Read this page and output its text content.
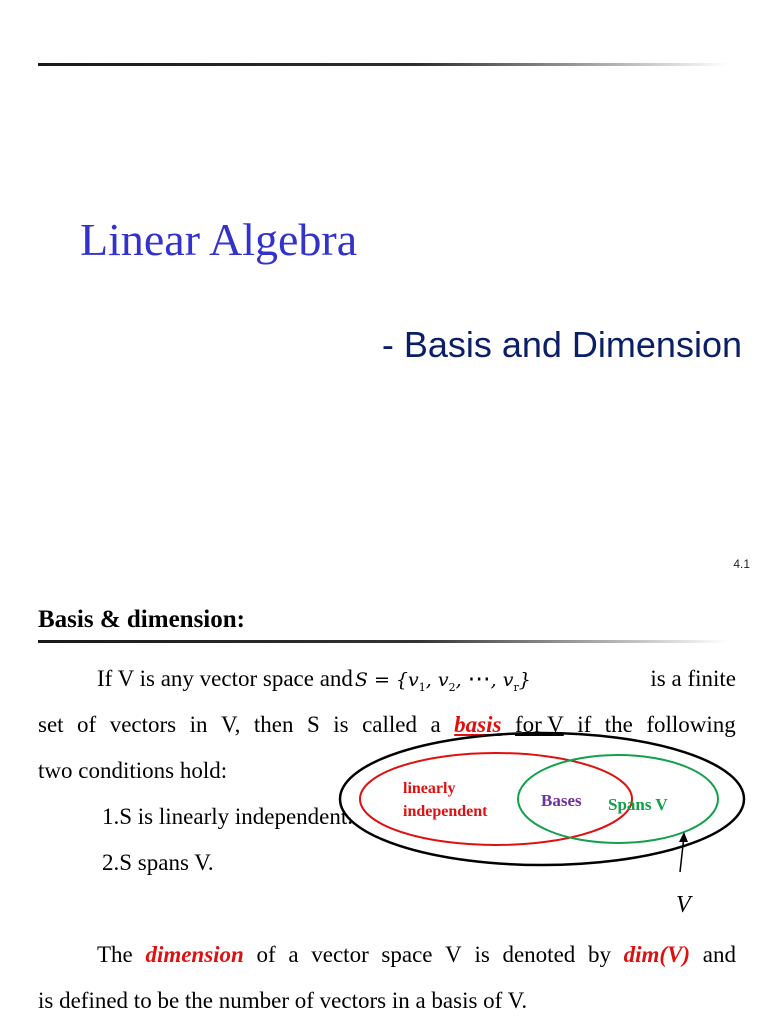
Linear Algebra
- Basis and Dimension
4.1
Basis & dimension:
If V is any vector space and $S = \{v_1$, $v_2$, ⋯, $v_r$}	is a finite
set of vectors in V, then S is called a basis for V if the following
two conditions hold:
1.S is linearly independent.
2.S spans V.
linearly
independent
Bases Spans V
V
The dimension of a vector space V is denoted by dim(V) and
is defined to be the number of vectors in a basis of V.
